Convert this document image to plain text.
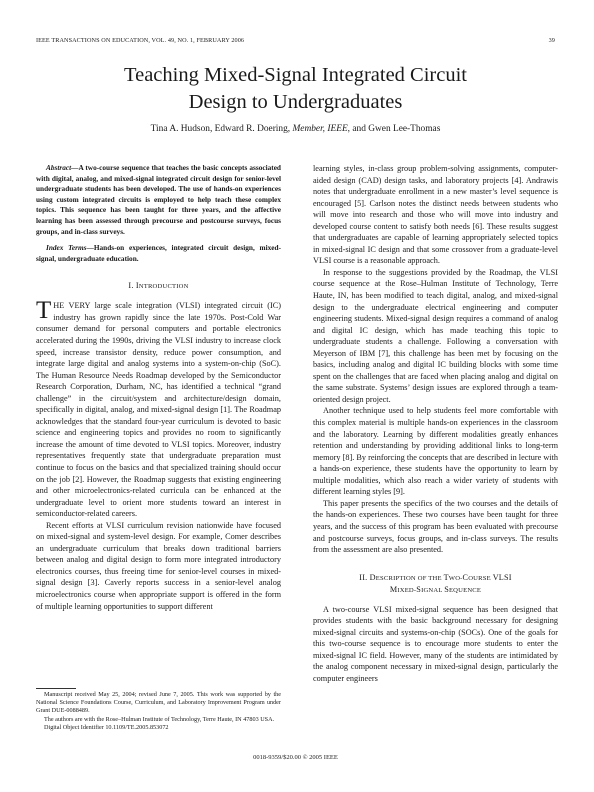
IEEE TRANSACTIONS ON EDUCATION, VOL. 49, NO. 1, FEBRUARY 2006	39
Teaching Mixed-Signal Integrated Circuit
Design to Undergraduates
Tina A. Hudson, Edward R. Doering, Member, IEEE, and Gwen Lee-Thomas

Abstract—A two-course sequence that teaches the basic concepts associated with digital, analog, and mixed-signal integrated circuit design for senior-level undergraduate students has been developed. The use of hands-on experiences using custom integrated circuits is employed to help teach these complex topics. This sequence has been taught for three years, and the affective learning has been assessed through precourse and postcourse surveys, focus groups, and in-class surveys.

Index Terms—Hands-on experiences, integrated circuit design, mixed-signal, undergraduate education.

I. INTRODUCTION

THE VERY large scale integration (VLSI) integrated circuit (IC) industry has grown rapidly since the late 1970s. Post-Cold War consumer demand for personal computers and portable electronics accelerated during the 1990s, driving the VLSI industry to increase clock speed, increase transistor density, reduce power consumption, and integrate large digital and analog systems into a system-on-chip (SoC). The Human Resource Needs Roadmap developed by the Semiconductor Research Corporation, Durham, NC, has identified a technical “grand challenge” in the circuit/system and architecture/design domain, specifically in digital, analog, and mixed-signal design [1]. The Roadmap acknowledges that the standard four-year curriculum is devoted to basic science and engineering topics and provides no room to significantly increase the amount of time devoted to VLSI topics. Moreover, industry representatives frequently state that undergraduate preparation must continue to focus on the basics and that specialized training should occur on the job [2]. However, the Roadmap suggests that existing engineering and other microelectronics-related curricula can be enhanced at the undergraduate level to orient more students toward an interest in semiconductor-related careers.

Recent efforts at VLSI curriculum revision nationwide have focused on mixed-signal and system-level design. For example, Comer describes an undergraduate curriculum that breaks down traditional barriers between analog and digital design to form more integrated introductory electronics courses, thus freeing time for senior-level courses in mixed-signal design [3]. Caverly reports success in a senior-level analog microelectronics course when appropriate support is offered in the form of multiple learning opportunities to support different

Manuscript received May 25, 2004; revised June 7, 2005. This work was supported by the National Science Foundations Course, Curriculum, and Laboratory Improvement Program under Grant DUE-0088489.

The authors are with the Rose–Hulman Institute of Technology, Terre Haute, IN 47803 USA.

Digital Object Identifier 10.1109/TE.2005.853072

learning styles, in-class group problem-solving assignments, computer-aided design (CAD) design tasks, and laboratory projects [4]. Andrawis notes that undergraduate enrollment in a new master’s level sequence is encouraged [5]. Carlson notes the distinct needs between students who will move into research and those who will move into industry and developed course content to satisfy both needs [6]. These results suggest that undergraduates are capable of learning appropriately selected topics in mixed-signal IC design and that some crossover from a graduate-level VLSI course is a reasonable approach.

In response to the suggestions provided by the Roadmap, the VLSI course sequence at the Rose–Hulman Institute of Technology, Terre Haute, IN, has been modified to teach digital, analog, and mixed-signal design to the undergraduate electrical engineering and computer engineering students. Mixed-signal design requires a command of analog and digital IC design, which has made teaching this topic to undergraduate students a challenge. Following a conversation with Meyerson of IBM [7], this challenge has been met by focusing on the basics, including analog and digital IC building blocks with some time spent on the challenges that are faced when placing analog and digital on the same substrate. Systems’ design issues are explored through a team-oriented design project.

Another technique used to help students feel more comfortable with this complex material is multiple hands-on experiences in the classroom and the laboratory. Learning by different modalities greatly enhances retention and understanding by providing additional links to long-term memory [8]. By reinforcing the concepts that are described in lecture with a hands-on experience, these students have the opportunity to learn by multiple modalities, which also reach a wider variety of students with different learning styles [9].

This paper presents the specifics of the two courses and the details of the hands-on experiences. These two courses have been taught for three years, and the success of this program has been evaluated with precourse and postcourse surveys, focus groups, and in-class surveys. The results from the assessment are also presented.

II. DESCRIPTION OF THE TWO-COURSE VLSI
MIXED-SIGNAL SEQUENCE

A two-course VLSI mixed-signal sequence has been designed that provides students with the basic background necessary for designing mixed-signal circuits and systems-on-chip (SOCs). One of the goals for this two-course sequence is to encourage more students to enter the mixed-signal IC field. However, many of the students are intimidated by the analog component necessary in mixed-signal design, particularly the computer engineers

0018-9359/$20.00 © 2005 IEEE
